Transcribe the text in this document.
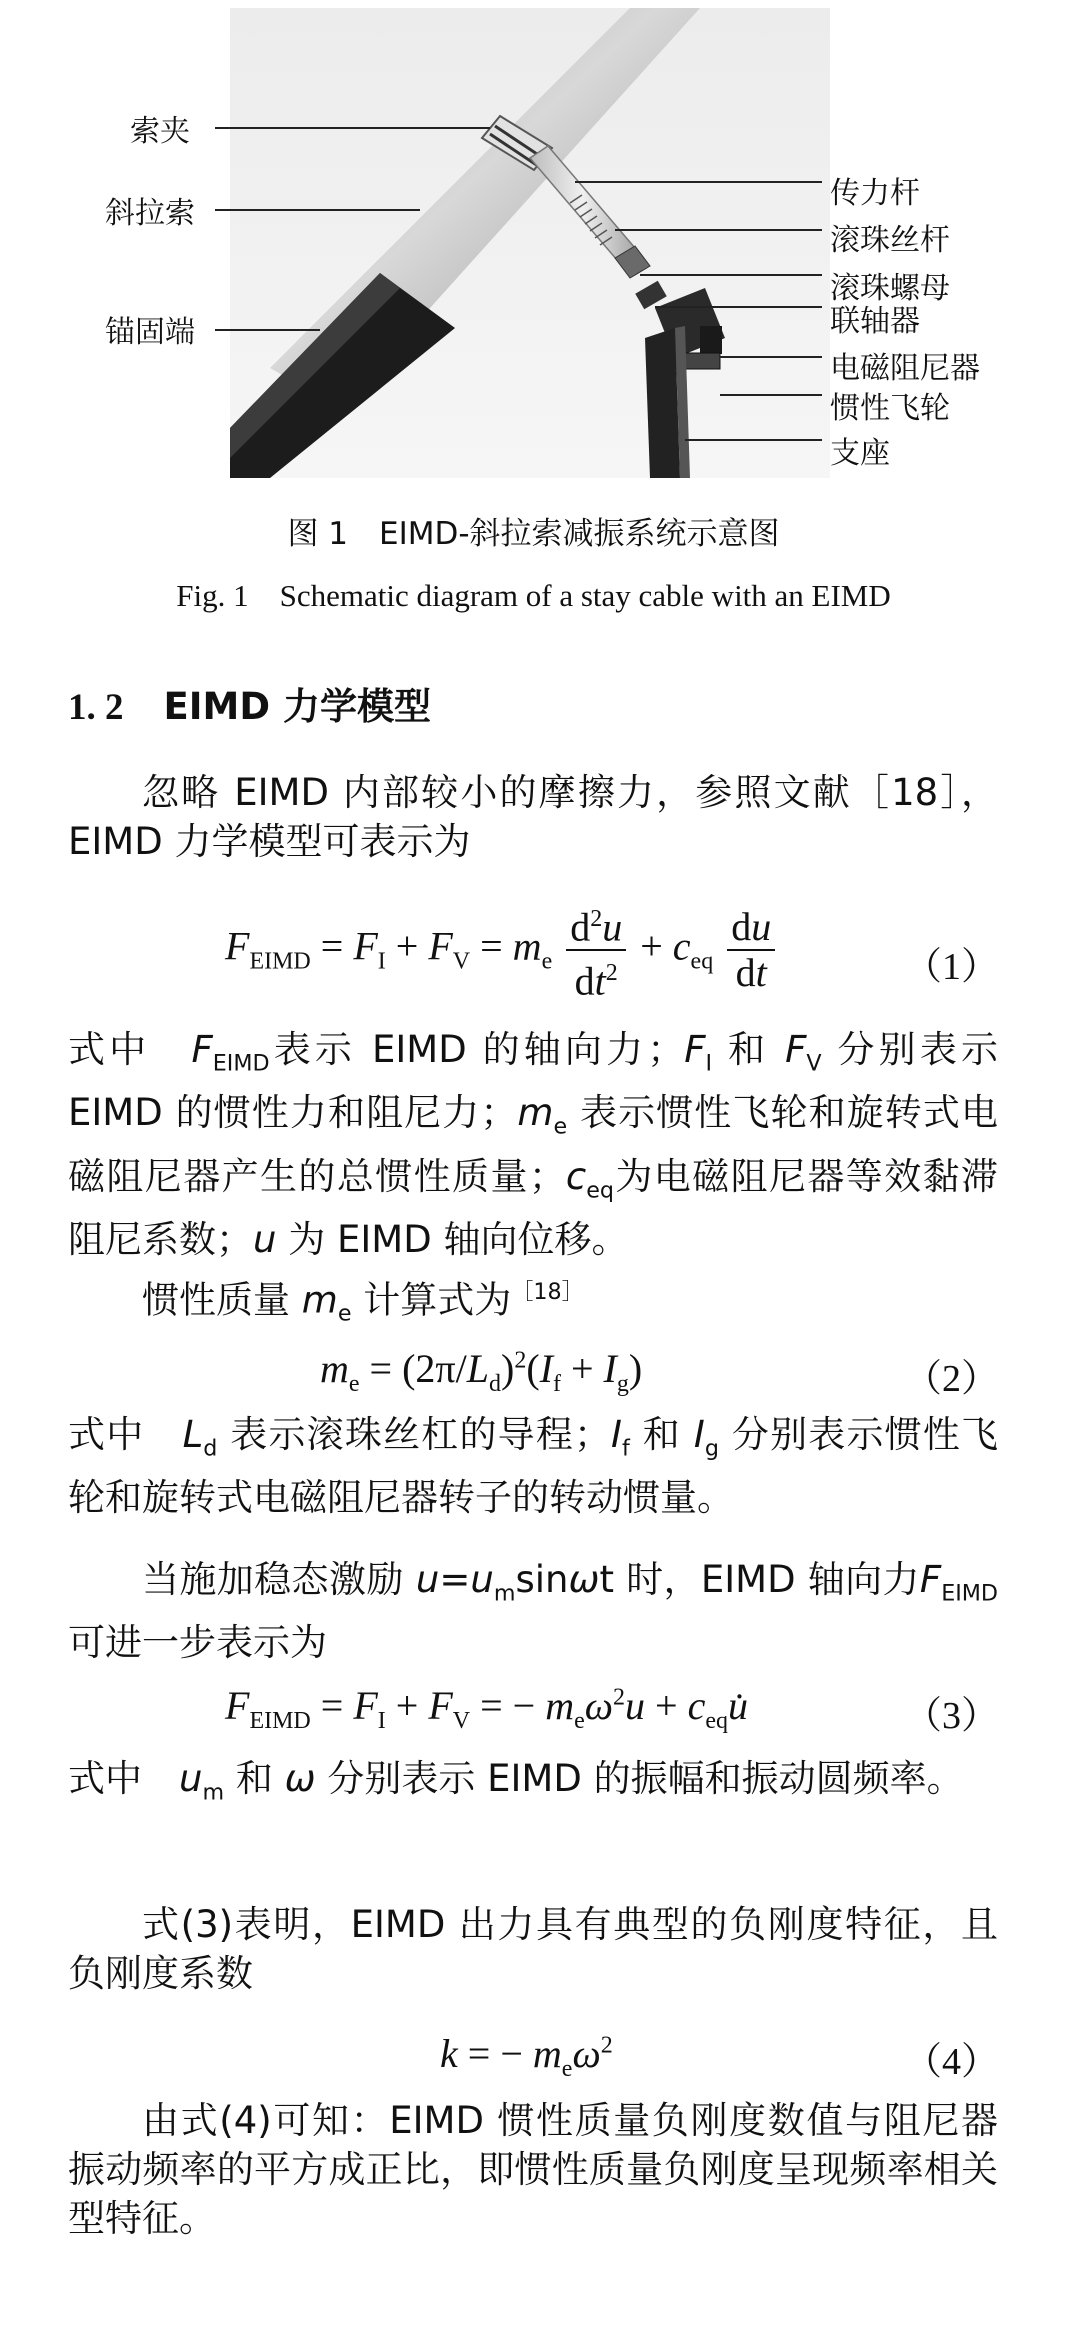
索夹
斜拉索
锚固端
传力杆
滚珠丝杆
滚珠螺母
联轴器
电磁阻尼器
惯性飞轮
支座
图 1　EIMD-斜拉索减振系统示意图
Fig. 1　Schematic diagram of a stay cable with an EIMD
1. 2 EIMD 力学模型
忽略 EIMD 内部较小的摩擦力，参照文献［18］，EIMD 力学模型可表示为
$F_{EIMD} = F_I + F_V = m_e \frac{d^2u}{dt^2} + c_{eq} \frac{du}{dt}$	（1）
式中　$F_{EIMD}$表示 EIMD 的轴向力；$F_I$ 和 $F_V$ 分别表示 EIMD 的惯性力和阻尼力；$m_e$ 表示惯性飞轮和旋转式电磁阻尼器产生的总惯性质量；$c_{eq}$为电磁阻尼器等效黏滞阻尼系数；u 为 EIMD 轴向位移。
惯性质量 $m_e$ 计算式为$^{[18]}$
$m_e = (2\pi/L_d)^2(I_f + I_g)$	（2）
式中　$L_d$ 表示滚珠丝杠的导程；$I_f$ 和 $I_g$ 分别表示惯性飞轮和旋转式电磁阻尼器转子的转动惯量。
当施加稳态激励 $u=u_m\sin\omega t$ 时，EIMD 轴向力$F_{EIMD}$可进一步表示为
$F_{EIMD} = F_I + F_V$ = − $m_e\omega^2u$ + $c_{eq}u̇$	（3）
式中　$u_m$ 和 ω 分别表示 EIMD 的振幅和振动圆频率。
式(3)表明，EIMD 出力具有典型的负刚度特征，且负刚度系数
k = − $m_e\omega^2$	（4）
由式(4)可知：EIMD 惯性质量负刚度数值与阻尼器振动频率的平方成正比，即惯性质量负刚度呈现频率相关型特征。
